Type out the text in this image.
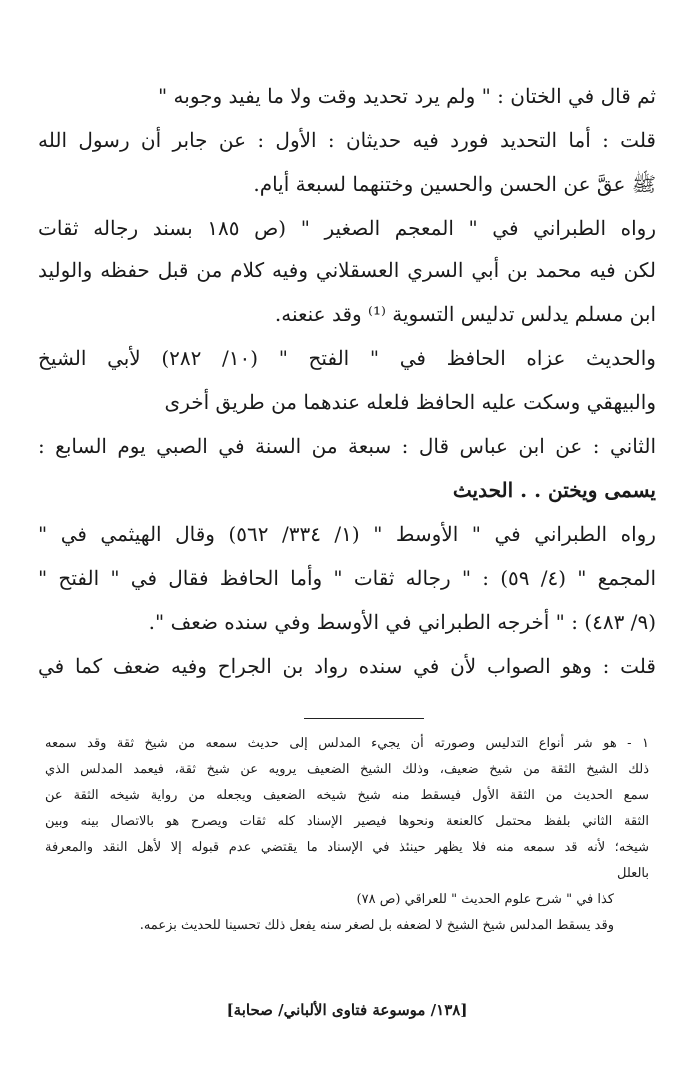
ثم قال في الختان : " ولم يرد تحديد وقت ولا ما يفيد وجوبه "

قلت : أما التحديد فورد فيه حديثان : الأول : عن جابر أن رسول الله

ﷺ عقَّ عن الحسن والحسين وختنهما لسبعة أيام.

رواه الطبراني في " المعجم الصغير " (ص ١٨٥ بسند رجاله ثقات

لكن فيه محمد بن أبي السري العسقلاني وفيه كلام من قبل حفظه والوليد

ابن مسلم يدلس تدليس التسوية ⁽¹⁾ وقد عنعنه.

والحديث عزاه الحافظ في " الفتح " (١٠/ ٢٨٢) لأبي الشيخ

والبيهقي وسكت عليه الحافظ فلعله عندهما من طريق أخرى

الثاني : عن ابن عباس قال : سبعة من السنة في الصبي يوم السابع :

يسمى ويختن . . الحديث

رواه الطبراني في " الأوسط " (١/ ٣٣٤/ ٥٦٢) وقال الهيثمي في "

المجمع " (٤/ ٥٩) : " رجاله ثقات " وأما الحافظ فقال في " الفتح "

(٩/ ٤٨٣) : " أخرجه الطبراني في الأوسط وفي سنده ضعف ".

قلت : وهو الصواب لأن في سنده رواد بن الجراح وفيه ضعف كما في

١ - هو شر أنواع التدليس وصورته أن يجيء المدلس إلى حديث سمعه من شيخ ثقة وقد سمعه

ذلك الشيخ الثقة من شيخ ضعيف، وذلك الشيخ الضعيف يرويه عن شيخ ثقة، فيعمد المدلس الذي

سمع الحديث من الثقة الأول فيسقط منه شيخ شيخه الضعيف ويجعله من رواية شيخه الثقة عن

الثقة الثاني بلفظ محتمل كالعنعة ونحوها فيصير الإسناد كله ثقات ويصرح هو بالاتصال بينه وبين

شيخه؛ لأنه قد سمعه منه فلا يظهر حينئذ في الإسناد ما يقتضي عدم قبوله إلا لأهل النقد والمعرفة

بالعلل

كذا في " شرح علوم الحديث " للعراقي (ص ٧٨)

وقد يسقط المدلس شيخ الشيخ لا لضعفه بل لصغر سنه يفعل ذلك تحسينا للحديث بزعمه.

[١٣٨/ موسوعة فتاوى الألباني/ صحابة]
